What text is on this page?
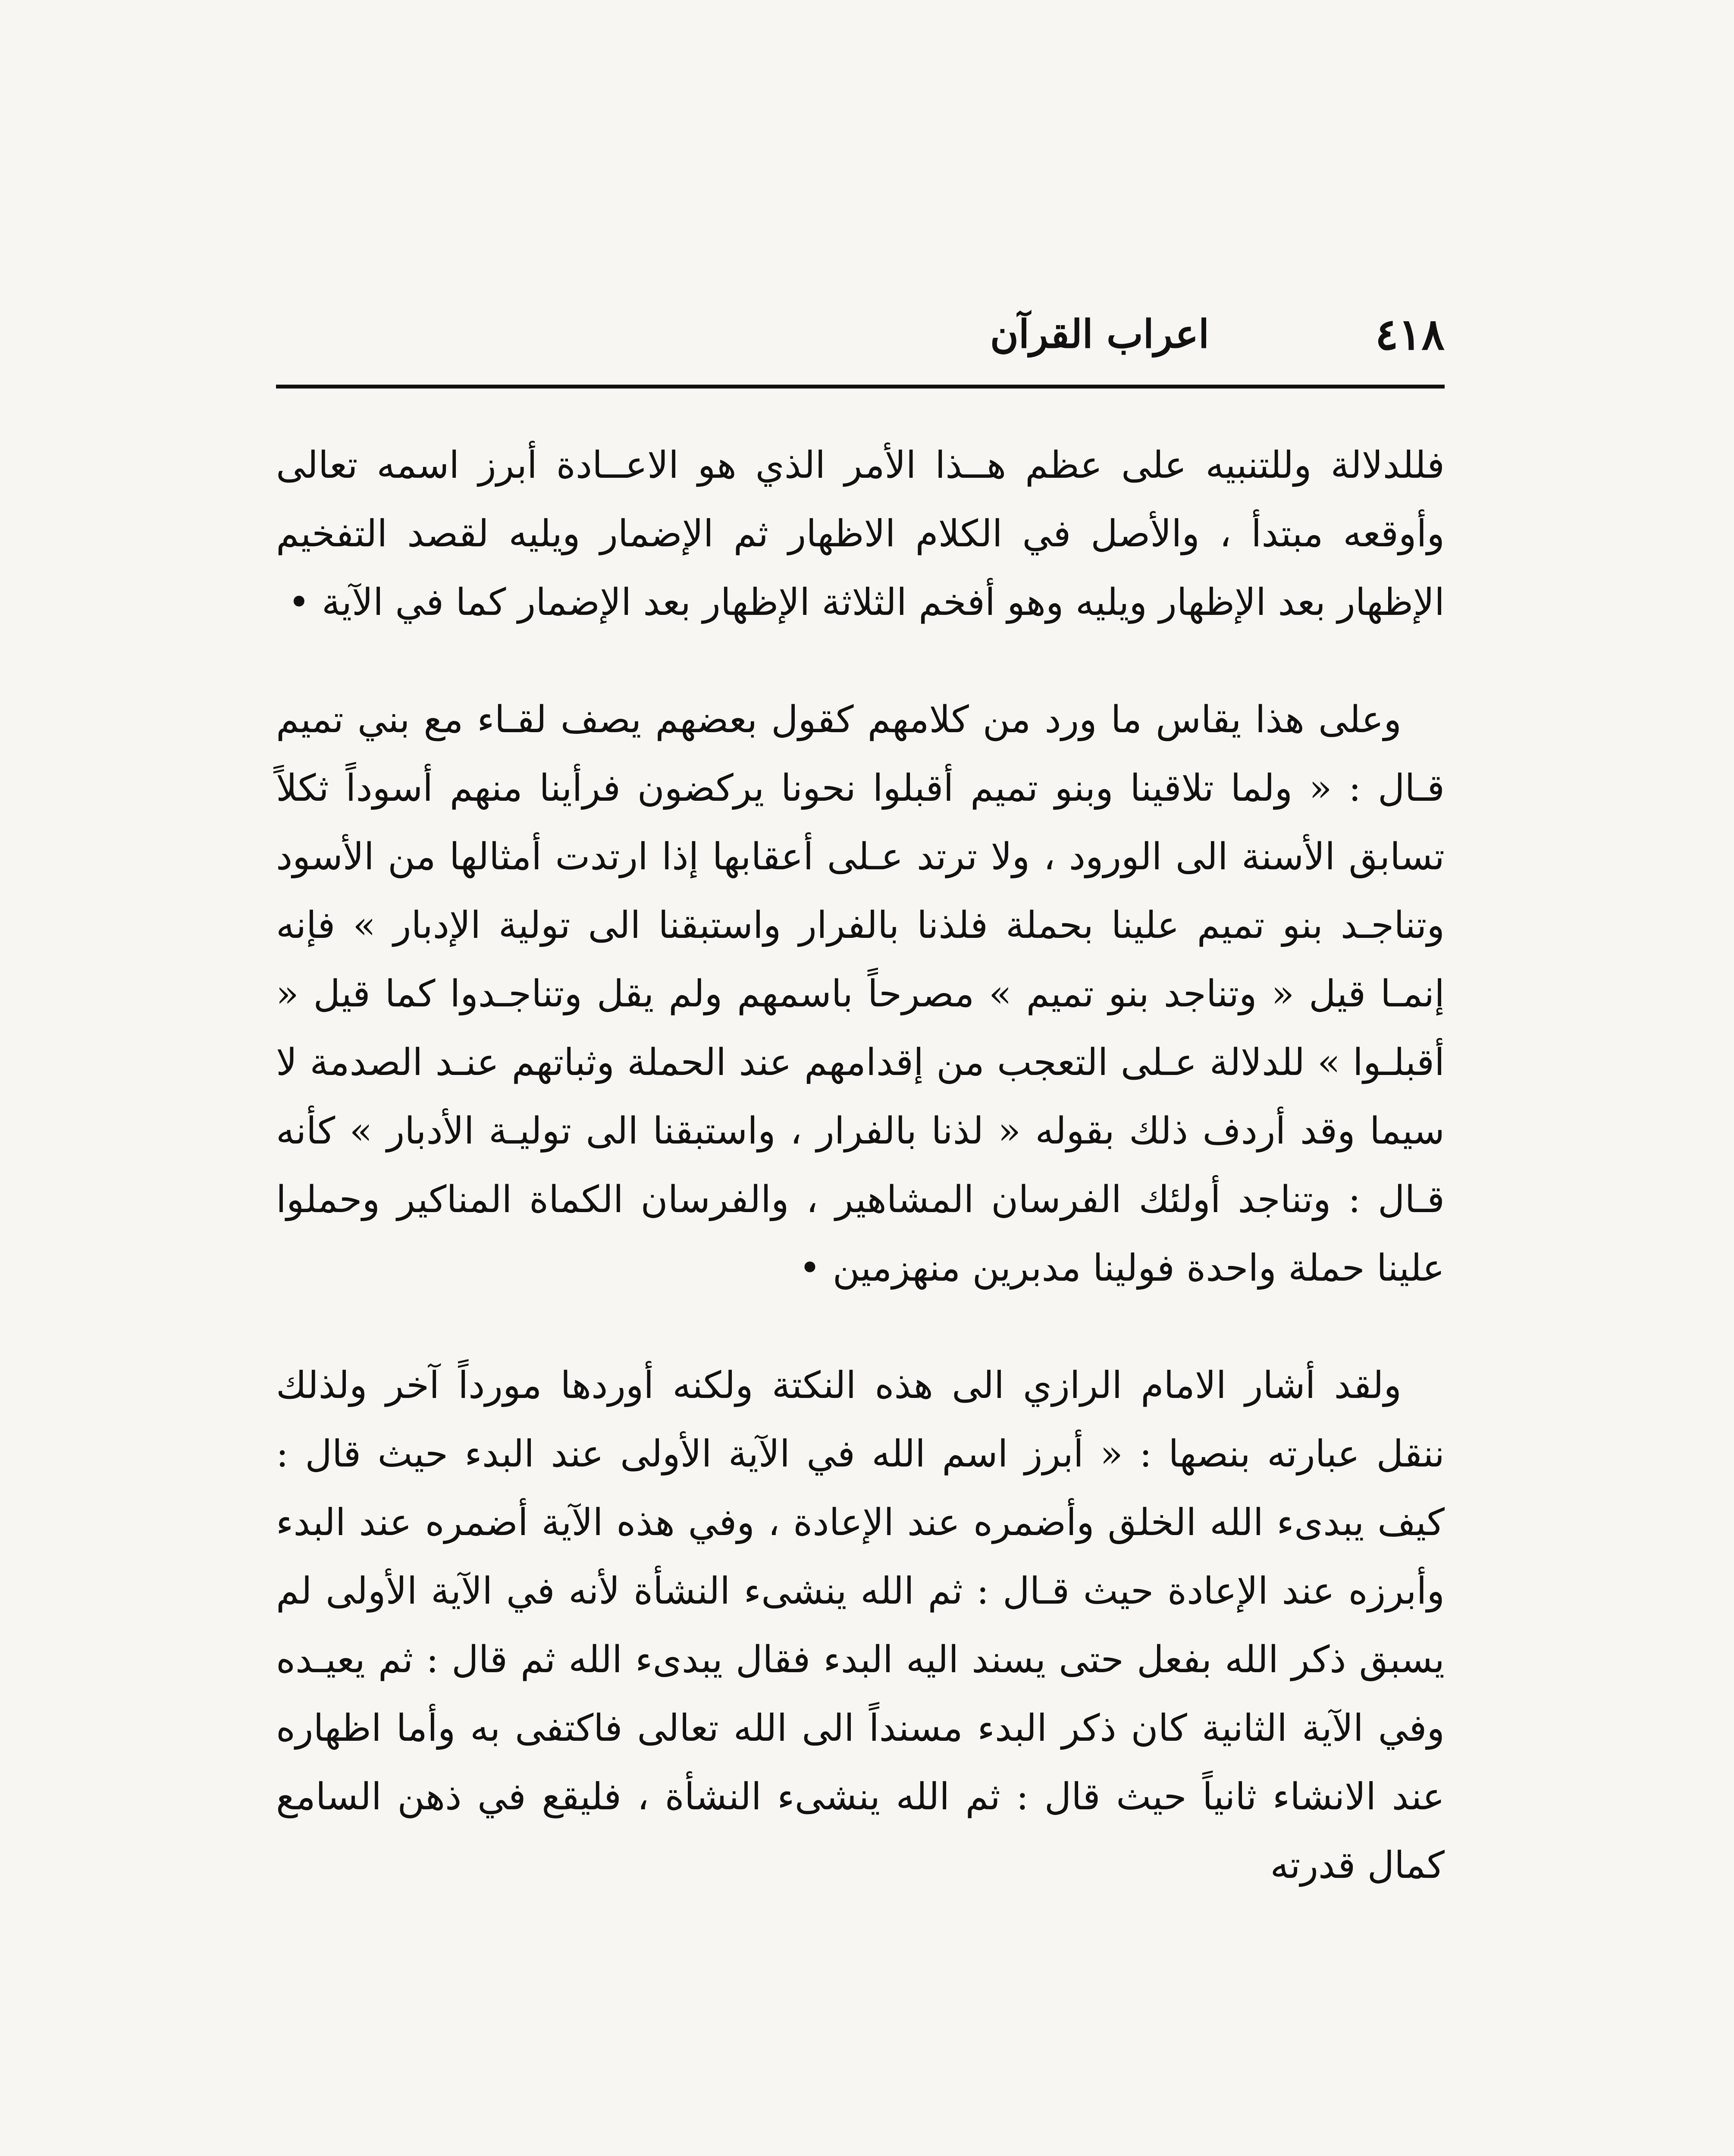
٤١٨
اعراب القرآن

فللدلالة وللتنبيه على عظم هــذا الأمر الذي هو الاعــادة أبرز اسمه تعالى وأوقعه مبتدأ ، والأصل في الكلام الاظهار ثم الإضمار ويليه لقصد التفخيم الإظهار بعد الإظهار ويليه وهو أفخم الثلاثة الإظهار بعد الإضمار كما في الآية •

وعلى هذا يقاس ما ورد من كلامهم كقول بعضهم يصف لقـاء مع بني تميم قـال : « ولما تلاقينا وبنو تميم أقبلوا نحونا يركضون فرأينا منهم أسوداً ثكلاً تسابق الأسنة الى الورود ، ولا ترتد عـلى أعقابها إذا ارتدت أمثالها من الأسود وتناجـد بنو تميم علينا بحملة فلذنا بالفرار واستبقنا الى تولية الإدبار » فإنه إنمـا قيل « وتناجد بنو تميم » مصرحاً باسمهم ولم يقل وتناجـدوا كما قيل « أقبلـوا » للدلالة عـلى التعجب من إقدامهم عند الحملة وثباتهم عنـد الصدمة لا سيما وقد أردف ذلك بقوله « لذنا بالفرار ، واستبقنا الى توليـة الأدبار » كأنه قـال : وتناجد أولئك الفرسان المشاهير ، والفرسان الكماة المناكير وحملوا علينا حملة واحدة فولينا مدبرين منهزمين •

ولقد أشار الامام الرازي الى هذه النكتة ولكنه أوردها مورداً آخر ولذلك ننقل عبارته بنصها : « أبرز اسم الله في الآية الأولى عند البدء حيث قال : كيف يبدىء الله الخلق وأضمره عند الإعادة ، وفي هذه الآية أضمره عند البدء وأبرزه عند الإعادة حيث قـال : ثم الله ينشىء النشأة لأنه في الآية الأولى لم يسبق ذكر الله بفعل حتى يسند اليه البدء فقال يبدىء الله ثم قال : ثم يعيـده وفي الآية الثانية كان ذكر البدء مسنداً الى الله تعالى فاكتفى به وأما اظهاره عند الانشاء ثانياً حيث قال : ثم الله ينشىء النشأة ، فليقع في ذهن السامع كمال قدرته
